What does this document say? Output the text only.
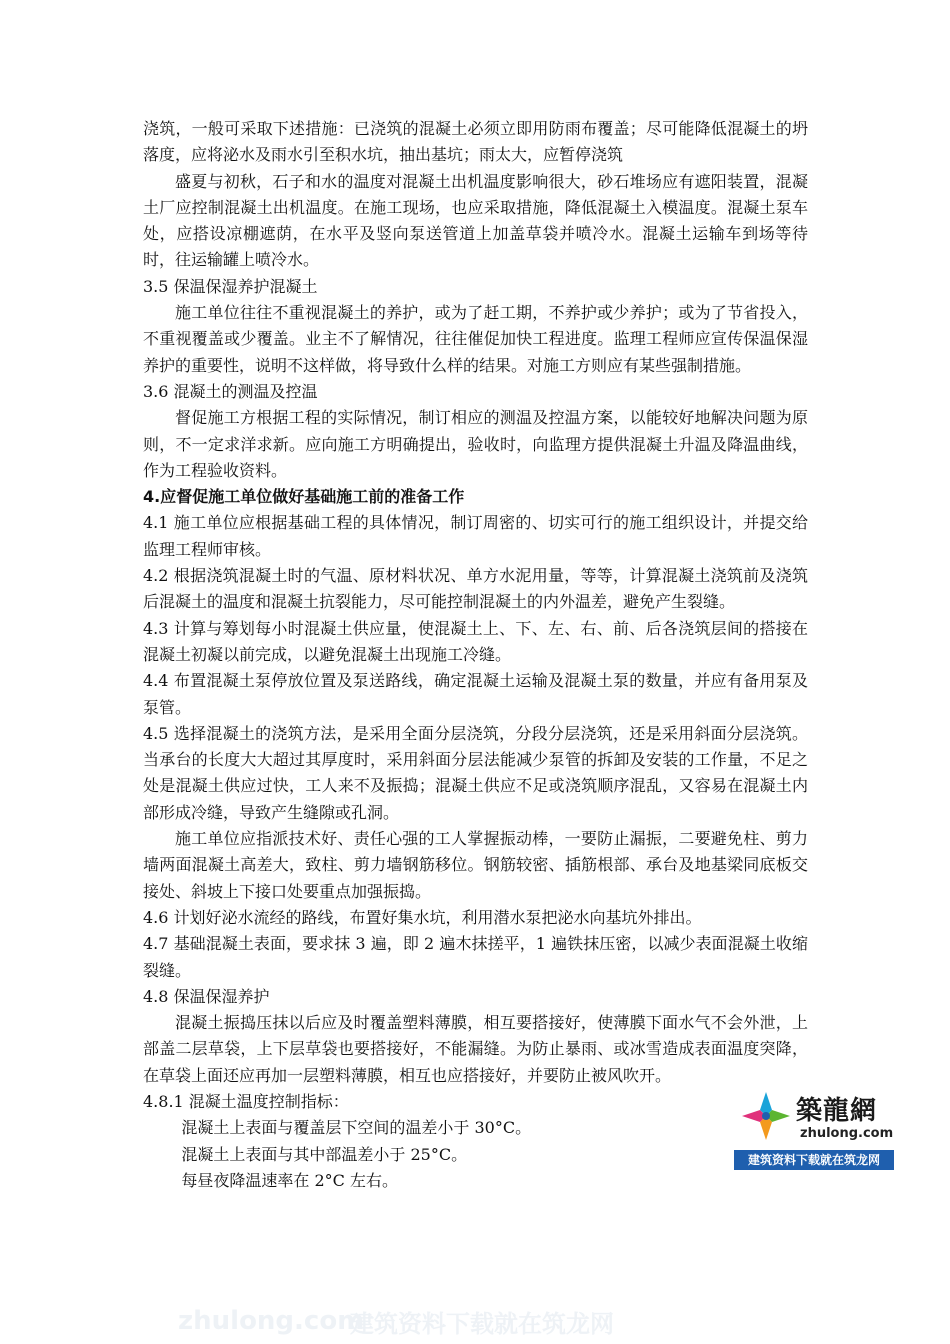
浇筑，一般可采取下述措施：已浇筑的混凝土必须立即用防雨布覆盖；尽可能降低混凝土的坍落度，应将泌水及雨水引至积水坑，抽出基坑；雨太大，应暂停浇筑

盛夏与初秋，石子和水的温度对混凝土出机温度影响很大，砂石堆场应有遮阳装置，混凝土厂应控制混凝土出机温度。在施工现场，也应采取措施，降低混凝土入模温度。混凝土泵车处，应搭设凉棚遮荫，在水平及竖向泵送管道上加盖草袋并喷冷水。混凝土运输车到场等待时，往运输罐上喷冷水。

3.5 保温保湿养护混凝土

施工单位往往不重视混凝土的养护，或为了赶工期，不养护或少养护；或为了节省投入，不重视覆盖或少覆盖。业主不了解情况，往往催促加快工程进度。监理工程师应宣传保温保湿养护的重要性，说明不这样做，将导致什么样的结果。对施工方则应有某些强制措施。

3.6 混凝土的测温及控温

督促施工方根据工程的实际情况，制订相应的测温及控温方案，以能较好地解决问题为原则，不一定求洋求新。应向施工方明确提出，验收时，向监理方提供混凝土升温及降温曲线，作为工程验收资料。

4.应督促施工单位做好基础施工前的准备工作

4.1 施工单位应根据基础工程的具体情况，制订周密的、切实可行的施工组织设计，并提交给监理工程师审核。

4.2 根据浇筑混凝土时的气温、原材料状况、单方水泥用量，等等，计算混凝土浇筑前及浇筑后混凝土的温度和混凝土抗裂能力，尽可能控制混凝土的内外温差，避免产生裂缝。

4.3 计算与筹划每小时混凝土供应量，使混凝土上、下、左、右、前、后各浇筑层间的搭接在混凝土初凝以前完成，以避免混凝土出现施工冷缝。

4.4 布置混凝土泵停放位置及泵送路线，确定混凝土运输及混凝土泵的数量，并应有备用泵及泵管。

4.5 选择混凝土的浇筑方法，是采用全面分层浇筑，分段分层浇筑，还是采用斜面分层浇筑。当承台的长度大大超过其厚度时，采用斜面分层法能减少泵管的拆卸及安装的工作量，不足之处是混凝土供应过快，工人来不及振捣；混凝土供应不足或浇筑顺序混乱，又容易在混凝土内部形成冷缝，导致产生缝隙或孔洞。

施工单位应指派技术好、责任心强的工人掌握振动棒，一要防止漏振，二要避免柱、剪力墙两面混凝土高差大，致柱、剪力墙钢筋移位。钢筋较密、插筋根部、承台及地基梁同底板交接处、斜坡上下接口处要重点加强振捣。

4.6 计划好泌水流经的路线，布置好集水坑，利用潜水泵把泌水向基坑外排出。

4.7 基础混凝土表面，要求抹 3 遍，即 2 遍木抹搓平，1 遍铁抹压密，以减少表面混凝土收缩裂缝。

4.8 保温保湿养护

混凝土振捣压抹以后应及时覆盖塑料薄膜，相互要搭接好，使薄膜下面水气不会外泄，上部盖二层草袋，上下层草袋也要搭接好，不能漏缝。为防止暴雨、或冰雪造成表面温度突降，在草袋上面还应再加一层塑料薄膜，相互也应搭接好，并要防止被风吹开。

4.8.1 混凝土温度控制指标：

混凝土上表面与覆盖层下空间的温差小于 30°C。

混凝土上表面与其中部温差小于 25°C。

每昼夜降温速率在 2°C 左右。

築龍網
zhulong.com
建筑资料下载就在筑龙网
zhulong.com
建筑资料下载就在筑龙网
